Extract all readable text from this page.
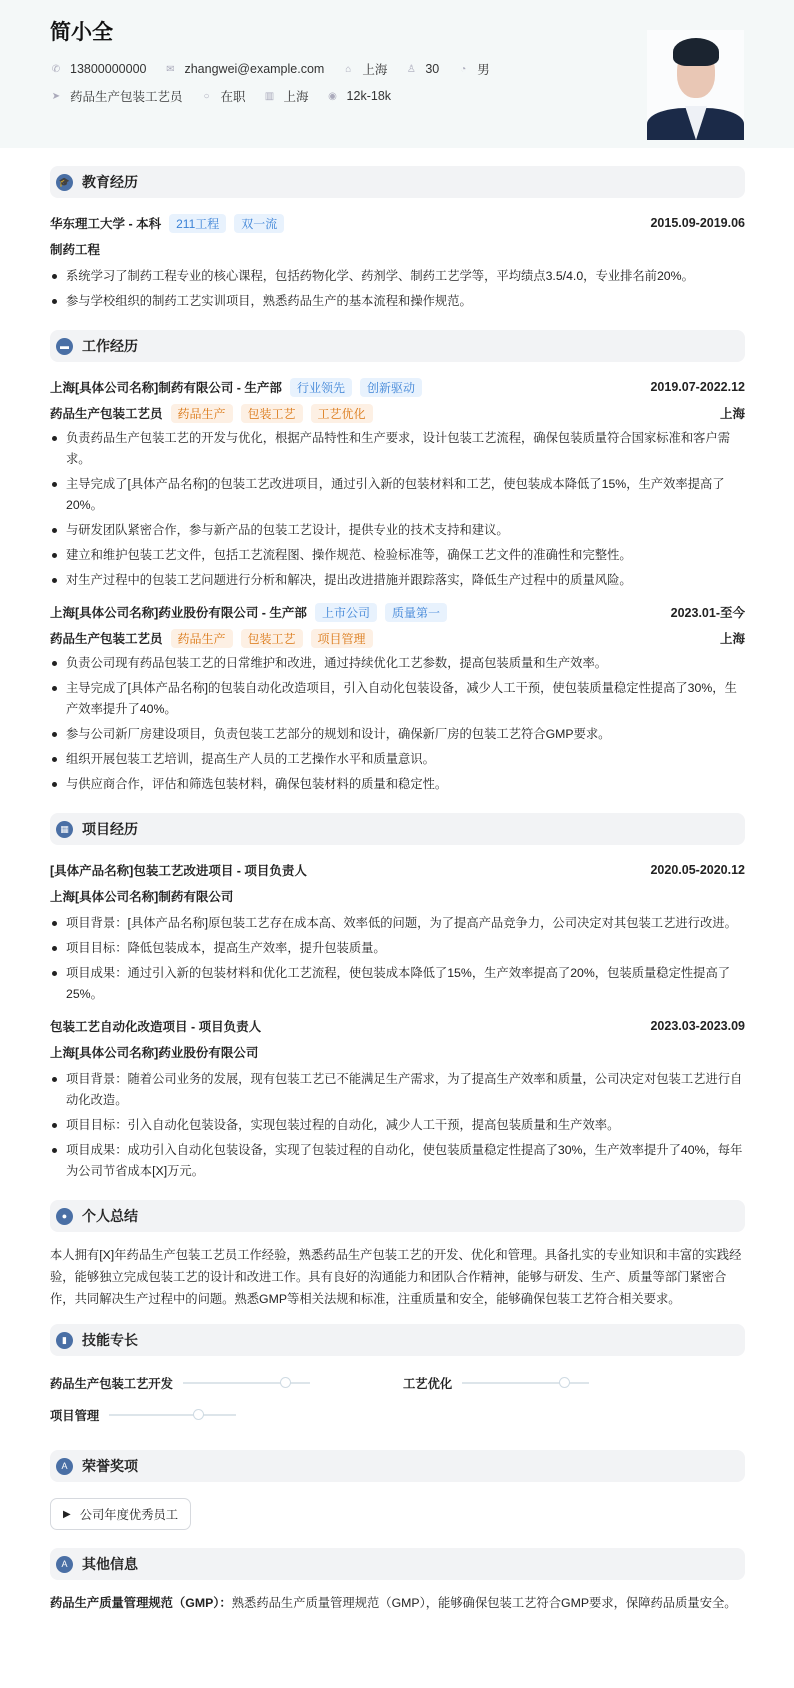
简小全
✆ 13800000000 ✉ zhangwei@example.com ⌂ 上海 ♙ 30 ◔ 男
➤ 药品生产包装工艺员 ○ 在职 ▥ 上海 ◉ 12k-18k
🎓 教育经历
华东理工大学 - 本科	211工程	双一流	2015.09-2019.06
制药工程
系统学习了制药工程专业的核心课程，包括药物化学、药剂学、制药工艺学等，平均绩点3.5/4.0，专业排名前20%。
参与学校组织的制药工艺实训项目，熟悉药品生产的基本流程和操作规范。
▬ 工作经历
上海[具体公司名称]制药有限公司 - 生产部	行业领先	创新驱动	2019.07-2022.12
药品生产包装工艺员	药品生产	包装工艺	工艺优化	上海
负责药品生产包装工艺的开发与优化，根据产品特性和生产要求，设计包装工艺流程，确保包装质量符合国家标准和客户需求。
主导完成了[具体产品名称]的包装工艺改进项目，通过引入新的包装材料和工艺，使包装成本降低了15%，生产效率提高了20%。
与研发团队紧密合作，参与新产品的包装工艺设计，提供专业的技术支持和建议。
建立和维护包装工艺文件，包括工艺流程图、操作规范、检验标准等，确保工艺文件的准确性和完整性。
对生产过程中的包装工艺问题进行分析和解决，提出改进措施并跟踪落实，降低生产过程中的质量风险。
上海[具体公司名称]药业股份有限公司 - 生产部	上市公司	质量第一	2023.01-至今
药品生产包装工艺员	药品生产	包装工艺	项目管理	上海
负责公司现有药品包装工艺的日常维护和改进，通过持续优化工艺参数，提高包装质量和生产效率。
主导完成了[具体产品名称]的包装自动化改造项目，引入自动化包装设备，减少人工干预，使包装质量稳定性提高了30%，生产效率提升了40%。
参与公司新厂房建设项目，负责包装工艺部分的规划和设计，确保新厂房的包装工艺符合GMP要求。
组织开展包装工艺培训，提高生产人员的工艺操作水平和质量意识。
与供应商合作，评估和筛选包装材料，确保包装材料的质量和稳定性。
▦ 项目经历
[具体产品名称]包装工艺改进项目 - 项目负责人	2020.05-2020.12
上海[具体公司名称]制药有限公司
项目背景：[具体产品名称]原包装工艺存在成本高、效率低的问题，为了提高产品竞争力，公司决定对其包装工艺进行改进。
项目目标：降低包装成本，提高生产效率，提升包装质量。
项目成果：通过引入新的包装材料和优化工艺流程，使包装成本降低了15%，生产效率提高了20%，包装质量稳定性提高了25%。
包装工艺自动化改造项目 - 项目负责人	2023.03-2023.09
上海[具体公司名称]药业股份有限公司
项目背景：随着公司业务的发展，现有包装工艺已不能满足生产需求，为了提高生产效率和质量，公司决定对包装工艺进行自动化改造。
项目目标：引入自动化包装设备，实现包装过程的自动化，减少人工干预，提高包装质量和生产效率。
项目成果：成功引入自动化包装设备，实现了包装过程的自动化，使包装质量稳定性提高了30%，生产效率提升了40%，每年为公司节省成本[X]万元。
●	个人总结
本人拥有[X]年药品生产包装工艺员工作经验，熟悉药品生产包装工艺的开发、优化和管理。具备扎实的专业知识和丰富的实践经验，能够独立完成包装工艺的设计和改进工作。具有良好的沟通能力和团队合作精神，能够与研发、生产、质量等部门紧密合作，共同解决生产过程中的问题。熟悉GMP等相关法规和标准，注重质量和安全，能够确保包装工艺符合相关要求。
▮	技能专长
药品生产包装工艺开发	工艺优化
项目管理
A	荣誉奖项
▶ 公司年度优秀员工
A	其他信息
药品生产质量管理规范（GMP）：熟悉药品生产质量管理规范（GMP），能够确保包装工艺符合GMP要求，保障药品质量安全。
